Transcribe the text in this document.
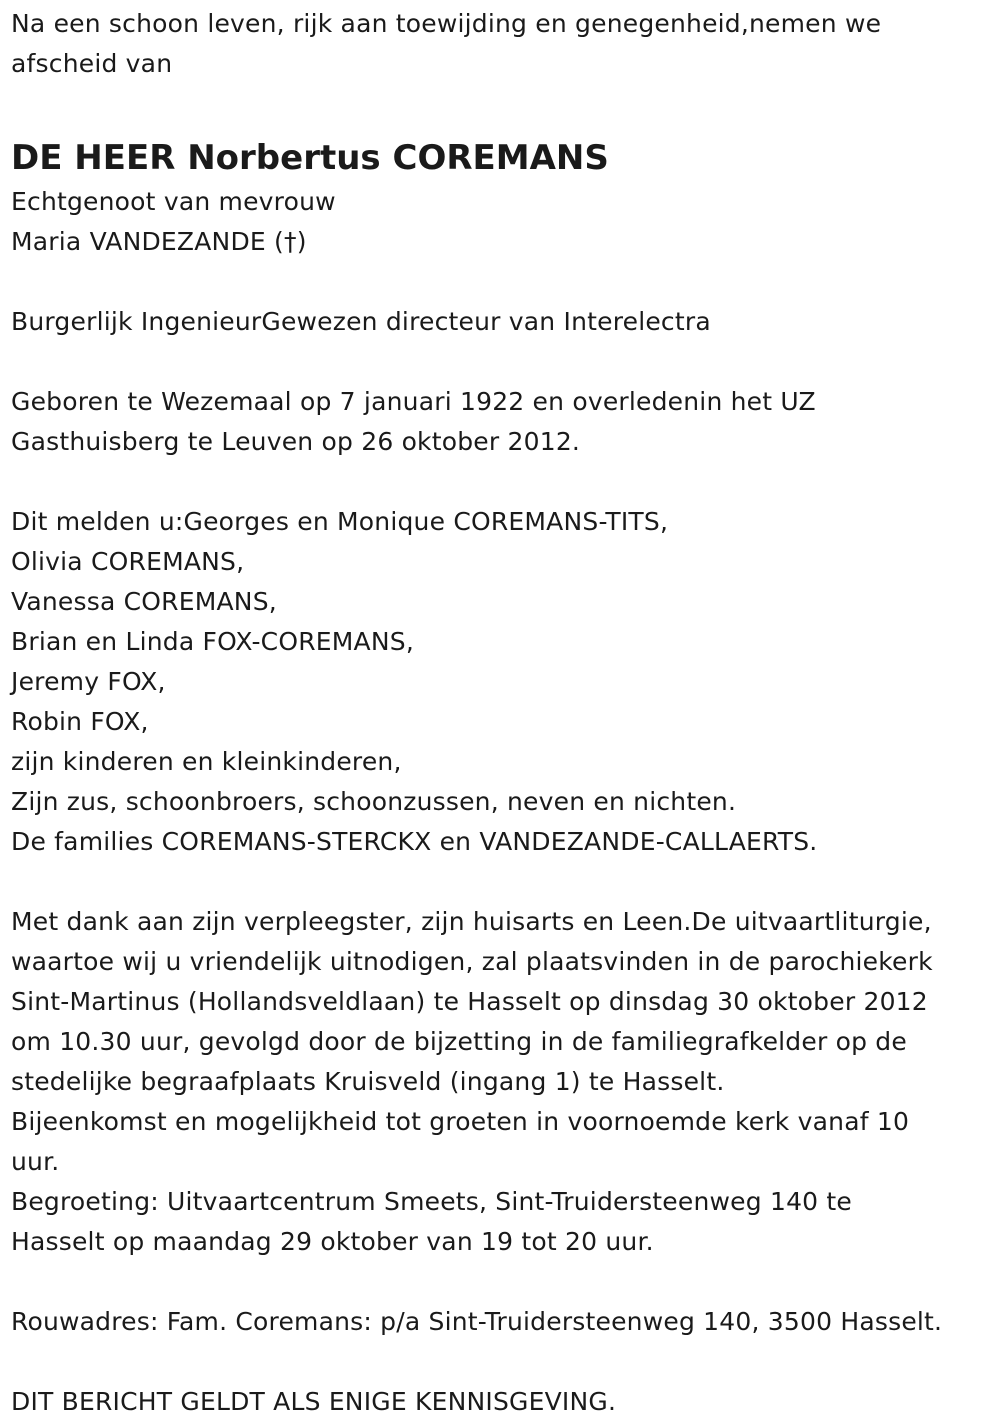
Na een schoon leven, rijk aan toewijding en genegenheid,nemen we
afscheid van
DE HEER Norbertus COREMANS
Echtgenoot van mevrouw
Maria VANDEZANDE (†)
Burgerlijk IngenieurGewezen directeur van Interelectra
Geboren te Wezemaal op 7 januari 1922 en overledenin het UZ
Gasthuisberg te Leuven op 26 oktober 2012.
Dit melden u:Georges en Monique COREMANS-TITS,
Olivia COREMANS,
Vanessa COREMANS,
Brian en Linda FOX-COREMANS,
Jeremy FOX,
Robin FOX,
zijn kinderen en kleinkinderen,
Zijn zus, schoonbroers, schoonzussen, neven en nichten.
De families COREMANS-STERCKX en VANDEZANDE-CALLAERTS.
Met dank aan zijn verpleegster, zijn huisarts en Leen.De uitvaartliturgie,
waartoe wij u vriendelijk uitnodigen, zal plaatsvinden in de parochiekerk
Sint-Martinus (Hollandsveldlaan) te Hasselt op dinsdag 30 oktober 2012
om 10.30 uur, gevolgd door de bijzetting in de familiegrafkelder op de
stedelijke begraafplaats Kruisveld (ingang 1) te Hasselt.
Bijeenkomst en mogelijkheid tot groeten in voornoemde kerk vanaf 10
uur.
Begroeting: Uitvaartcentrum Smeets, Sint-Truidersteenweg 140 te
Hasselt op maandag 29 oktober van 19 tot 20 uur.
Rouwadres: Fam. Coremans: p/a Sint-Truidersteenweg 140, 3500 Hasselt.
DIT BERICHT GELDT ALS ENIGE KENNISGEVING.
